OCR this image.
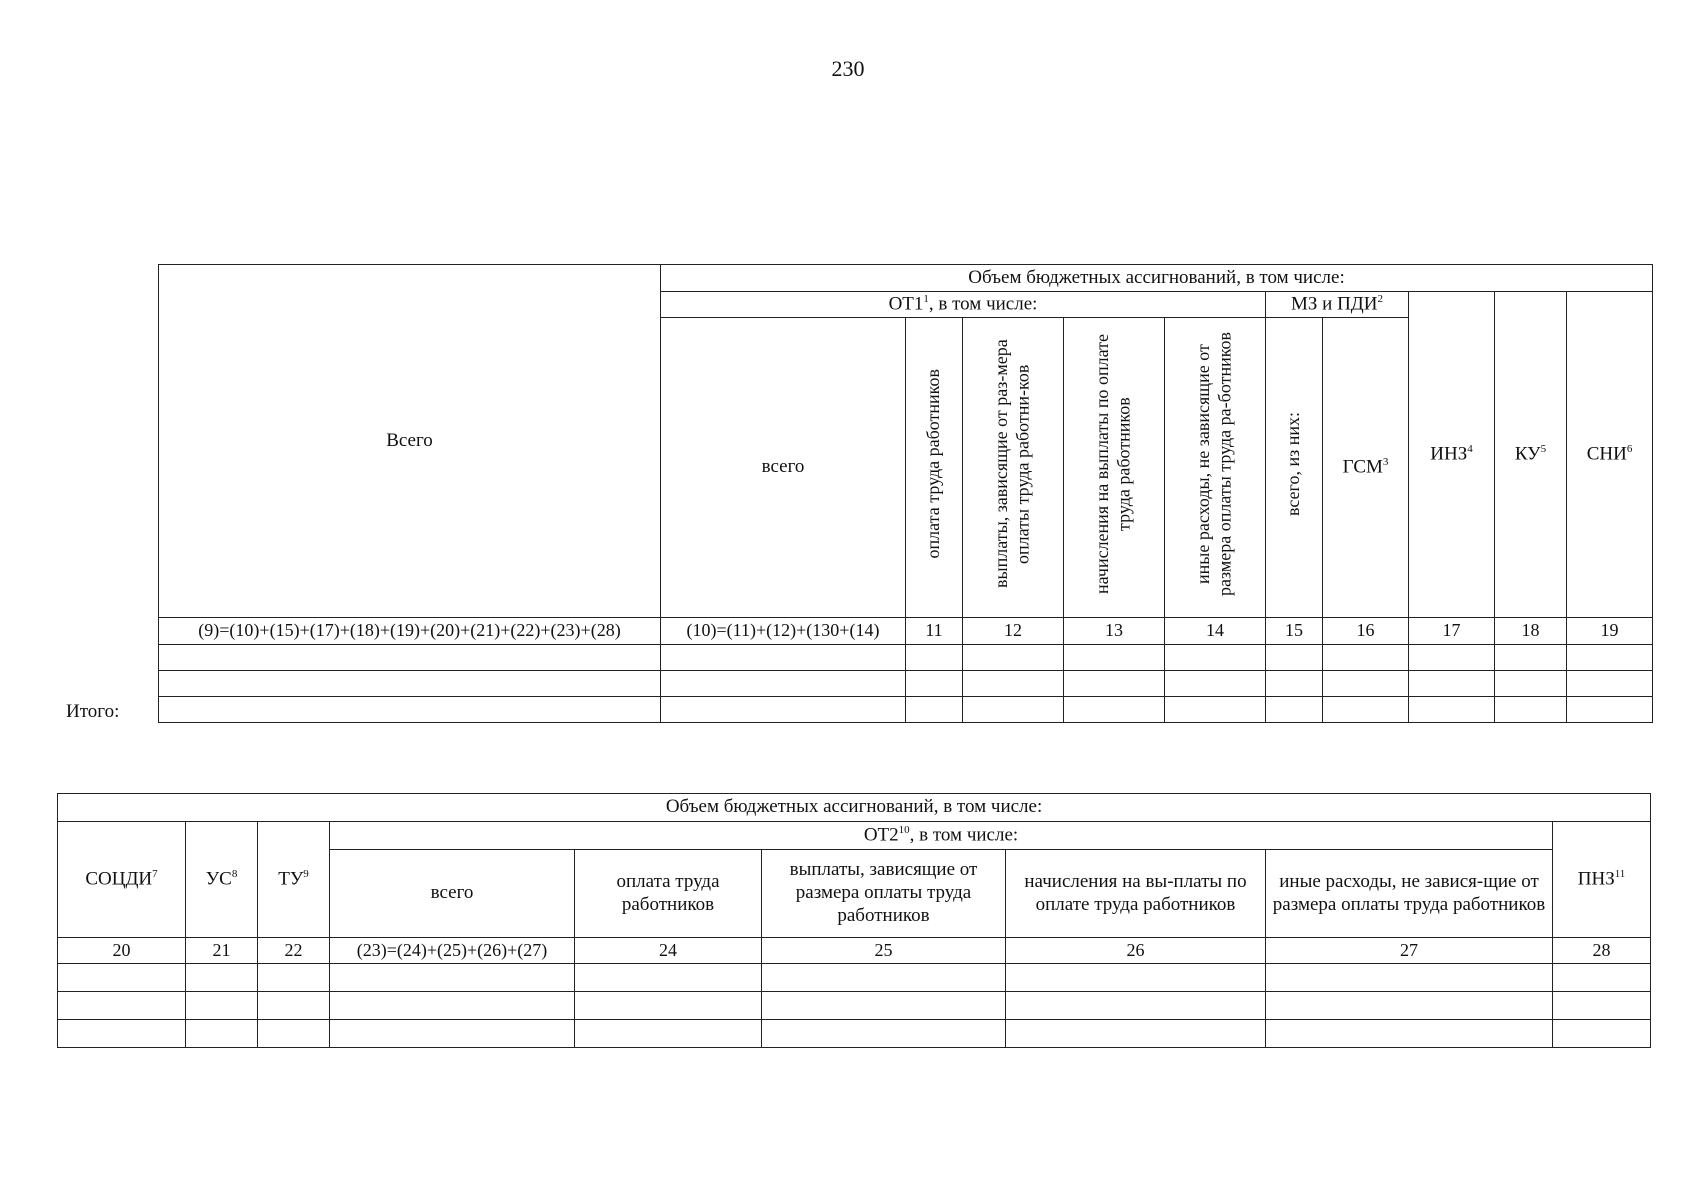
230
Всего	Объем бюджетных ассигнований, в том числе:									
	$ОТ1^1$, в том числе:					МЗ и ПДИ$^2$		ИНЗ$^4$	$КУ^5$	СНИ$^6$
	всего	оплата труда работников	выплаты, зависящие от раз-мера оплаты труда работни-ков	начисления на выплаты по оплате труда работников	иные расходы, не зависящие от размера оплаты труда ра-ботников	всего, из них:	ГСМ$^3$
(9)=(10)+(15)+(17)+(18)+(19)+(20)+(21)+(22)+(23)+(28)	(10)=(11)+(12)+(130+(14)	11	12	13	14	15	16	17	18	19

Итого:
Объем бюджетных ассигнований, в том числе:								
СОЦДИ$^7$	$УС^8$	$ТУ^9$	$ОТ2^{10}$, в том числе:					ПНЗ$^{11}$
			всего	оплата труда работников	выплаты, зависящие от размера оплаты труда работников	начисления на вы-платы по оплате труда работников	иные расходы, не завися-щие от размера оплаты труда работников	
20	21	22	(23)=(24)+(25)+(26)+(27)	24	25	26	27	28
